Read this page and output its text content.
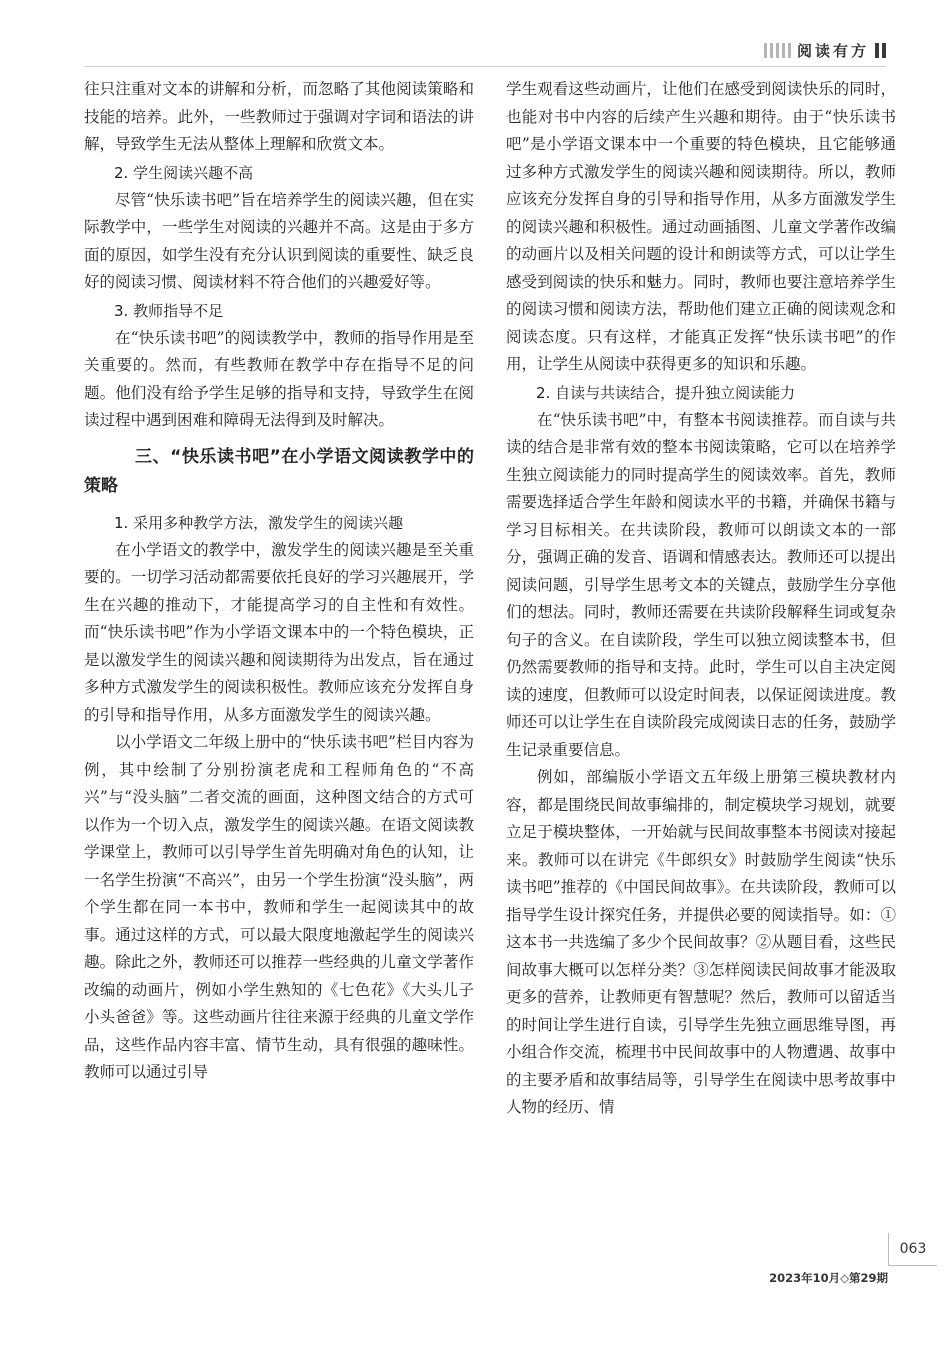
阅读有方

往只注重对文本的讲解和分析，而忽略了其他阅读策略和技能的培养。此外，一些教师过于强调对字词和语法的讲解，导致学生无法从整体上理解和欣赏文本。

2. 学生阅读兴趣不高

尽管“快乐读书吧”旨在培养学生的阅读兴趣，但在实际教学中，一些学生对阅读的兴趣并不高。这是由于多方面的原因，如学生没有充分认识到阅读的重要性、缺乏良好的阅读习惯、阅读材料不符合他们的兴趣爱好等。

3. 教师指导不足

在“快乐读书吧”的阅读教学中，教师的指导作用是至关重要的。然而，有些教师在教学中存在指导不足的问题。他们没有给予学生足够的指导和支持，导致学生在阅读过程中遇到困难和障碍无法得到及时解决。

三、“快乐读书吧”在小学语文阅读教学中的策略
1. 采用多种教学方法，激发学生的阅读兴趣

在小学语文的教学中，激发学生的阅读兴趣是至关重要的。一切学习活动都需要依托良好的学习兴趣展开，学生在兴趣的推动下，才能提高学习的自主性和有效性。而“快乐读书吧”作为小学语文课本中的一个特色模块，正是以激发学生的阅读兴趣和阅读期待为出发点，旨在通过多种方式激发学生的阅读积极性。教师应该充分发挥自身的引导和指导作用，从多方面激发学生的阅读兴趣。

以小学语文二年级上册中的“快乐读书吧”栏目内容为例，其中绘制了分别扮演老虎和工程师角色的“不高兴”与“没头脑”二者交流的画面，这种图文结合的方式可以作为一个切入点，激发学生的阅读兴趣。在语文阅读教学课堂上，教师可以引导学生首先明确对角色的认知，让一名学生扮演“不高兴”，由另一个学生扮演“没头脑”，两个学生都在同一本书中，教师和学生一起阅读其中的故事。通过这样的方式，可以最大限度地激起学生的阅读兴趣。除此之外，教师还可以推荐一些经典的儿童文学著作改编的动画片，例如小学生熟知的《七色花》《大头儿子小头爸爸》等。这些动画片往往来源于经典的儿童文学作品，这些作品内容丰富、情节生动，具有很强的趣味性。教师可以通过引导

学生观看这些动画片，让他们在感受到阅读快乐的同时，也能对书中内容的后续产生兴趣和期待。由于“快乐读书吧”是小学语文课本中一个重要的特色模块，且它能够通过多种方式激发学生的阅读兴趣和阅读期待。所以，教师应该充分发挥自身的引导和指导作用，从多方面激发学生的阅读兴趣和积极性。通过动画插图、儿童文学著作改编的动画片以及相关问题的设计和朗读等方式，可以让学生感受到阅读的快乐和魅力。同时，教师也要注意培养学生的阅读习惯和阅读方法，帮助他们建立正确的阅读观念和阅读态度。只有这样，才能真正发挥“快乐读书吧”的作用，让学生从阅读中获得更多的知识和乐趣。

2. 自读与共读结合，提升独立阅读能力

在“快乐读书吧”中，有整本书阅读推荐。而自读与共读的结合是非常有效的整本书阅读策略，它可以在培养学生独立阅读能力的同时提高学生的阅读效率。首先，教师需要选择适合学生年龄和阅读水平的书籍，并确保书籍与学习目标相关。在共读阶段，教师可以朗读文本的一部分，强调正确的发音、语调和情感表达。教师还可以提出阅读问题，引导学生思考文本的关键点，鼓励学生分享他们的想法。同时，教师还需要在共读阶段解释生词或复杂句子的含义。在自读阶段，学生可以独立阅读整本书，但仍然需要教师的指导和支持。此时，学生可以自主决定阅读的速度，但教师可以设定时间表，以保证阅读进度。教师还可以让学生在自读阶段完成阅读日志的任务，鼓励学生记录重要信息。

例如，部编版小学语文五年级上册第三模块教材内容，都是围绕民间故事编排的，制定模块学习规划，就要立足于模块整体，一开始就与民间故事整本书阅读对接起来。教师可以在讲完《牛郎织女》时鼓励学生阅读“快乐读书吧”推荐的《中国民间故事》。在共读阶段，教师可以指导学生设计探究任务，并提供必要的阅读指导。如：①这本书一共选编了多少个民间故事？②从题目看，这些民间故事大概可以怎样分类？③怎样阅读民间故事才能汲取更多的营养，让教师更有智慧呢？然后，教师可以留适当的时间让学生进行自读，引导学生先独立画思维导图，再小组合作交流，梳理书中民间故事中的人物遭遇、故事中的主要矛盾和故事结局等，引导学生在阅读中思考故事中人物的经历、情

063
2023年10月◇第29期
